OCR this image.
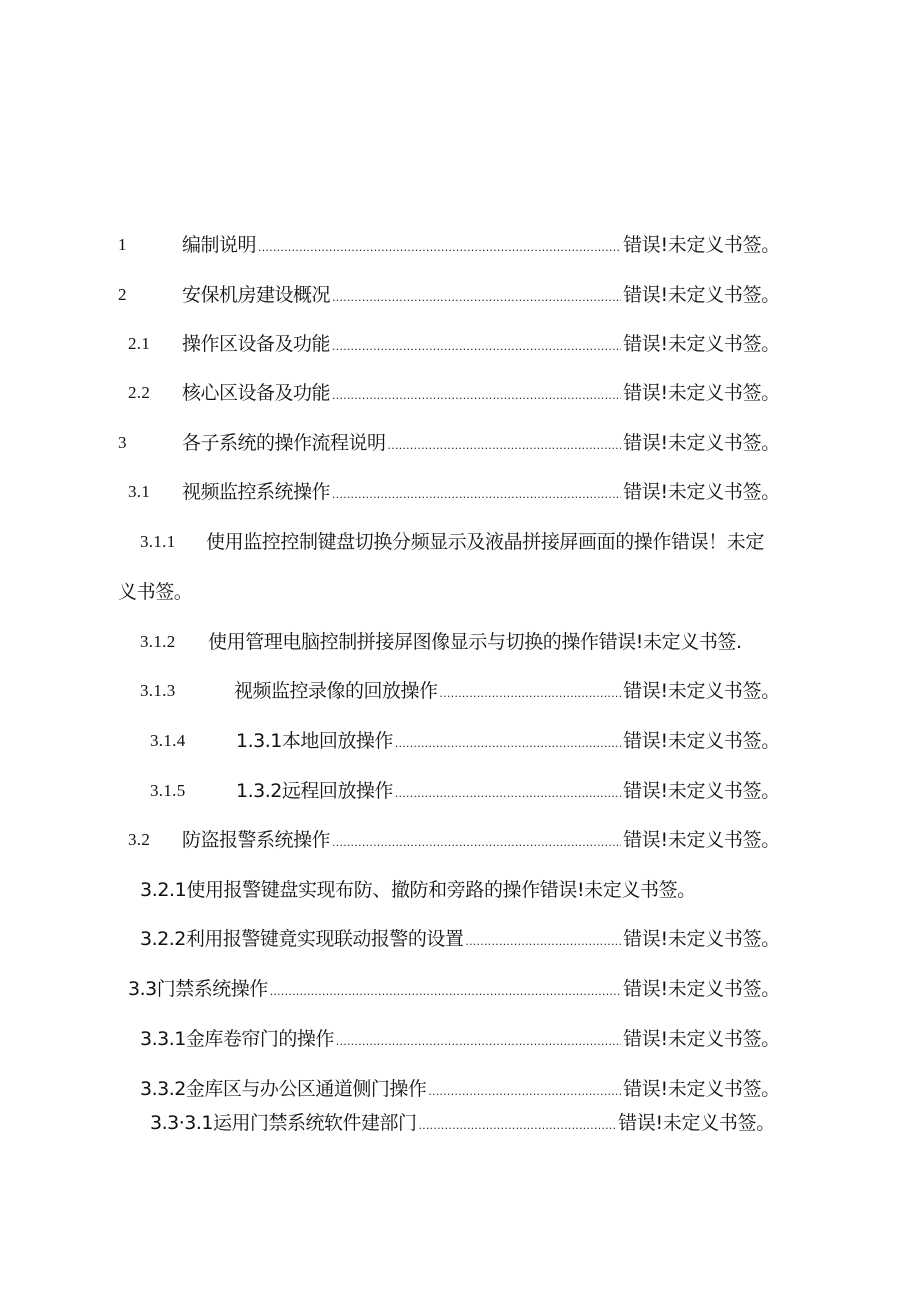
1	编制说明 .....	错误!未定义书签。
2	安保机房建设概况 .....	错误!未定义书签。
2.1 操作区设备及功能 .....	错误!未定义书签。
2.2 核心区设备及功能 .....	错误!未定义书签。
3	各子系统的操作流程说明 .....	错误!未定义书签。
3.1 视频监控系统操作 .....	错误!未定义书签。
3.1.1 使用监控控制键盘切换分频显示及液晶拼接屏画面的操作错误！未定
义书签。
3.1.2 使用管理电脑控制拼接屏图像显示与切换的操作错误!未定义书签.
3.1.3	视频监控录像的回放操作 .....	错误!未定义书签。
3.1.4	1.3.1本地回放操作 .....	错误!未定义书签。
3.1.5	1.3.2远程回放操作 .....	错误!未定义书签。
3.2 防盗报警系统操作 .....	错误!未定义书签。
3.2.1使用报警键盘实现布防、撤防和旁路的操作错误!未定义书签。
3.2.2利用报警键竟实现联动报警的设置 .....	错误!未定义书签。
3.3门禁系统操作 .....	错误!未定义书签。
3.3.1金库卷帘门的操作 .....	错误!未定义书签。
3.3.2金库区与办公区通道侧门操作 .....	错误!未定义书签。
3.3·3.1运用门禁系统软件建部门 .....	错误!未定义书签。
